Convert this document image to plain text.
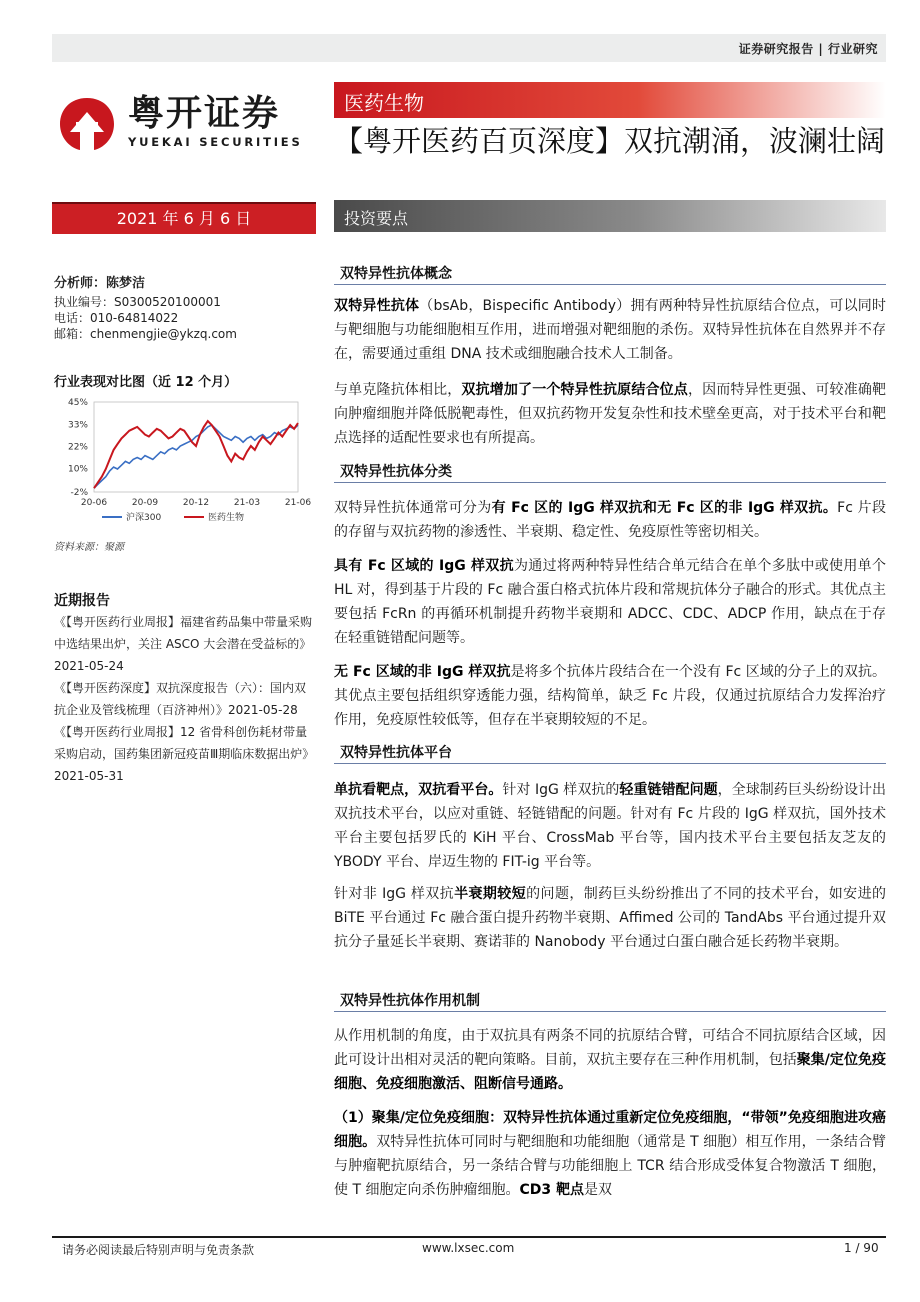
证券研究报告 | 行业研究
粤开证券
YUEKAI SECURITIES
医药生物
【粤开医药百页深度】双抗潮涌，波澜壮阔
2021 年 6 月 6 日	投资要点
分析师：陈梦洁
执业编号：S0300520100001
电话：010-64814022
邮箱：chenmengjie@ykzq.com
行业表现对比图（近 12 个月）
45%
33%
22%
10%
-2%
20-06	20-09	20-12	21-03	21-06
沪深300	医药生物
资料来源：聚源
近期报告
《【粤开医药行业周报】福建省药品集中带量采购中选结果出炉，关注 ASCO 大会潜在受益标的》2021-05-24
《【粤开医药深度】双抗深度报告（六）：国内双抗企业及管线梳理（百济神州）》2021-05-28
《【粤开医药行业周报】12 省骨科创伤耗材带量采购启动，国药集团新冠疫苗Ⅲ期临床数据出炉》2021-05-31
双特异性抗体概念
双特异性抗体（bsAb，Bispecific Antibody）拥有两种特异性抗原结合位点，可以同时与靶细胞与功能细胞相互作用，进而增强对靶细胞的杀伤。双特异性抗体在自然界并不存在，需要通过重组 DNA 技术或细胞融合技术人工制备。
与单克隆抗体相比，双抗增加了一个特异性抗原结合位点，因而特异性更强、可较准确靶向肿瘤细胞并降低脱靶毒性，但双抗药物开发复杂性和技术壁垒更高，对于技术平台和靶点选择的适配性要求也有所提高。
双特异性抗体分类
双特异性抗体通常可分为有 Fc 区的 IgG 样双抗和无 Fc 区的非 IgG 样双抗。Fc 片段的存留与双抗药物的渗透性、半衰期、稳定性、免疫原性等密切相关。
具有 Fc 区域的 IgG 样双抗为通过将两种特异性结合单元结合在单个多肽中或使用单个 HL 对，得到基于片段的 Fc 融合蛋白格式抗体片段和常规抗体分子融合的形式。其优点主要包括 FcRn 的再循环机制提升药物半衰期和 ADCC、CDC、ADCP 作用，缺点在于存在轻重链错配问题等。
无 Fc 区域的非 IgG 样双抗是将多个抗体片段结合在一个没有 Fc 区域的分子上的双抗。其优点主要包括组织穿透能力强，结构简单，缺乏 Fc 片段，仅通过抗原结合力发挥治疗作用，免疫原性较低等，但存在半衰期较短的不足。
双特异性抗体平台
单抗看靶点，双抗看平台。针对 IgG 样双抗的轻重链错配问题，全球制药巨头纷纷设计出双抗技术平台，以应对重链、轻链错配的问题。针对有 Fc 片段的 IgG 样双抗，国外技术平台主要包括罗氏的 KiH 平台、CrossMab 平台等，国内技术平台主要包括友芝友的 YBODY 平台、岸迈生物的 FIT-ig 平台等。
针对非 IgG 样双抗半衰期较短的问题，制药巨头纷纷推出了不同的技术平台，如安进的 BiTE 平台通过 Fc 融合蛋白提升药物半衰期、Affimed 公司的 TandAbs 平台通过提升双抗分子量延长半衰期、赛诺菲的 Nanobody 平台通过白蛋白融合延长药物半衰期。
双特异性抗体作用机制
从作用机制的角度，由于双抗具有两条不同的抗原结合臂，可结合不同抗原结合区域，因此可设计出相对灵活的靶向策略。目前，双抗主要存在三种作用机制，包括聚集/定位免疫细胞、免疫细胞激活、阻断信号通路。
（1）聚集/定位免疫细胞：双特异性抗体通过重新定位免疫细胞，“带领”免疫细胞进攻癌细胞。双特异性抗体可同时与靶细胞和功能细胞（通常是 T 细胞）相互作用，一条结合臂与肿瘤靶抗原结合，另一条结合臂与功能细胞上 TCR 结合形成受体复合物激活 T 细胞，使 T 细胞定向杀伤肿瘤细胞。CD3 靶点是双
请务必阅读最后特别声明与免责条款	www.lxsec.com	1 / 90
